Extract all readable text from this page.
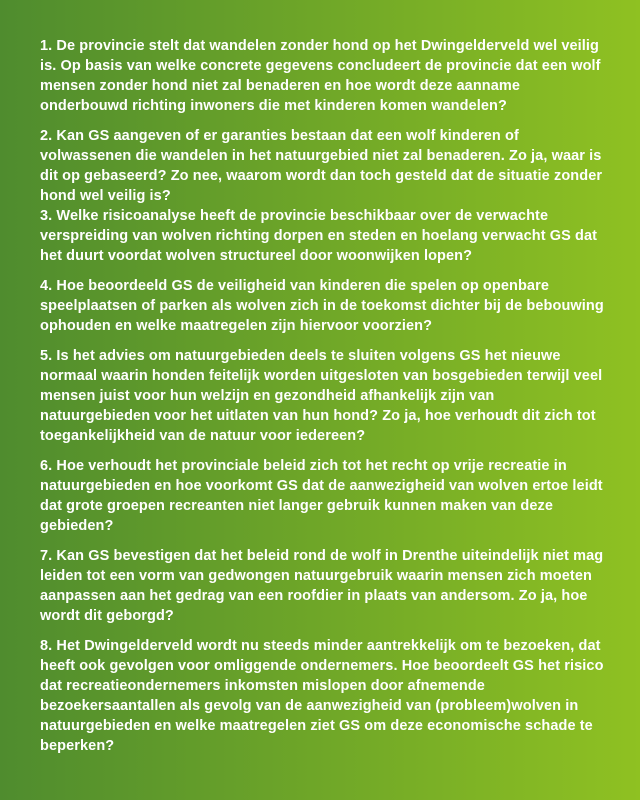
1. De provincie stelt dat wandelen zonder hond op het Dwingelderveld wel veilig is. Op basis van welke concrete gegevens concludeert de provincie dat een wolf mensen zonder hond niet zal benaderen en hoe wordt deze aanname onderbouwd richting inwoners die met kinderen komen wandelen?

2. Kan GS aangeven of er garanties bestaan dat een wolf kinderen of volwassenen die wandelen in het natuurgebied niet zal benaderen. Zo ja, waar is dit op gebaseerd? Zo nee, waarom wordt dan toch gesteld dat de situatie zonder hond wel veilig is?

3. Welke risicoanalyse heeft de provincie beschikbaar over de verwachte verspreiding van wolven richting dorpen en steden en hoelang verwacht GS dat het duurt voordat wolven structureel door woonwijken lopen?

4. Hoe beoordeeld GS de veiligheid van kinderen die spelen op openbare speelplaatsen of parken als wolven zich in de toekomst dichter bij de bebouwing ophouden en welke maatregelen zijn hiervoor voorzien?

5. Is het advies om natuurgebieden deels te sluiten volgens GS het nieuwe normaal waarin honden feitelijk worden uitgesloten van bosgebieden terwijl veel mensen juist voor hun welzijn en gezondheid afhankelijk zijn van natuurgebieden voor het uitlaten van hun hond? Zo ja, hoe verhoudt dit zich tot toegankelijkheid van de natuur voor iedereen?

6. Hoe verhoudt het provinciale beleid zich tot het recht op vrije recreatie in natuurgebieden en hoe voorkomt GS dat de aanwezigheid van wolven ertoe leidt dat grote groepen recreanten niet langer gebruik kunnen maken van deze gebieden?

7. Kan GS bevestigen dat het beleid rond de wolf in Drenthe uiteindelijk niet mag leiden tot een vorm van gedwongen natuurgebruik waarin mensen zich moeten aanpassen aan het gedrag van een roofdier in plaats van andersom. Zo ja, hoe wordt dit geborgd?

8. Het Dwingelderveld wordt nu steeds minder aantrekkelijk om te bezoeken, dat heeft ook gevolgen voor omliggende ondernemers. Hoe beoordeelt GS het risico dat recreatieondernemers inkomsten mislopen door afnemende bezoekersaantallen als gevolg van de aanwezigheid van (probleem)wolven in natuurgebieden en welke maatregelen ziet GS om deze economische schade te beperken?
